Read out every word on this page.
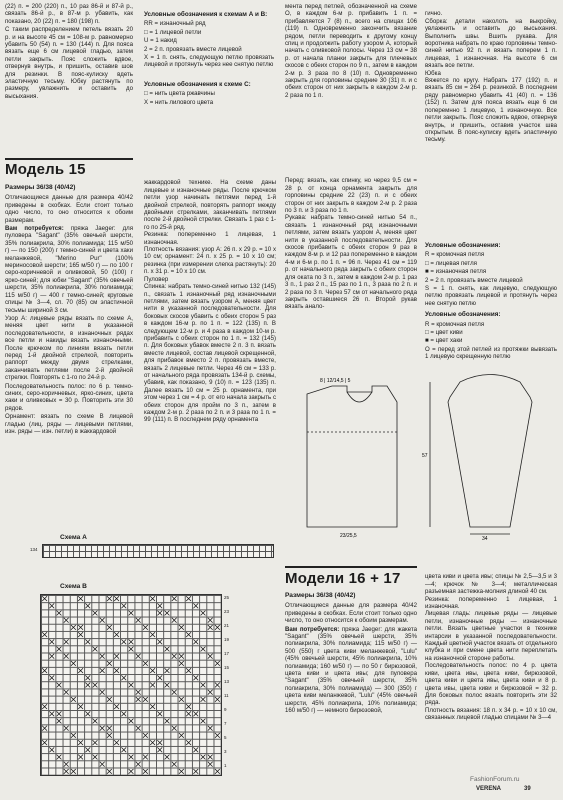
(22) п. = 200 (220) п., 10 раз 86-й и 87-й р., связать 86-й р., в 87-м р. убавить, как показано, 20 (22) п. = 180 (198) п.

С таким распределением петель вязать 20 р. и на высоте 45 см = 108-м р. равномерно убавить 50 (54) п. = 130 (144) п. Для пояса вязать еще 6 см лицевой гладью, затем петли закрыть. Пояс сложить вдвое, отвернув внутрь, и пришить, оставив шов для резинки. В пояс-кулиску вдеть эластичную тесьму. Юбку растянуть по размеру, увлажнить и оставить до высыхания.

Условные обозначения к схемам А и В:

RR = изнаночный ряд

□ = 1 лицевой петли

U = 1 накид

2 = 2 п. провязать вместе лицевой

X = 1 п. снять, следующую петлю провязать лицевой и протянуть через нее снятую петлю

Условные обозначения к схеме С:

□ = нить цвета ржавчины

X = нить лилового цвета

мента перед петлей, обозначенной на схеме О, в каждом 6-м р. прибавить 1 п. = прибавляется 7 (8) п., всего на спицах 106 (119) п. Одновременно закончить вязание рядом, петли переводить к другому концу спиц и продолжить работу узором А, который начать с оливковой полосы. Через 13 см = 38 р. от начала планки закрыть для плечевых скосов с обеих сторон по 9 п., затем в каждом 2-м р. 3 раза по 8 (10) п. Одновременно закрыть для горловины средние 30 (31) п. и с обеих сторон от них закрыть в каждом 2-м р. 2 раза по 1 п.

гично.
Сборка: детали наколоть на выкройку, увлажнить и оставить до высыхания. Выполнить швы. Вшить рукава. Для воротника набрать по краю горловины темно-синей нитью 92 п. и вязать поперем 1 п. лицевая, 1 изнаночная. На высоте 6 см вязать все петли.
Юбка
Вяжется по кругу. Набрать 177 (192) п. и вязать 85 см = 264 р. резинкой. В последнем ряду равномерно убавить 41 (40) п. = 136 (152) п. Затем для пояса вязать еще 6 см поперемнно 1 лицевую, 1 изнаночную. Все петли закрыть. Пояс сложить вдвое, отвернув внутрь, и пришить, оставив участок шва открытым. В пояс-кулиску вдеть эластичную тесьму.

Модель 15
Размеры 36/38 (40/42)

Отличающиеся данные для размера 40/42 приведены в скобках. Если стоит только одно число, то оно относится к обоим размерам.

Вам потребуется: пряжа Jaeger: для пуловера "Sagant" (35% овечьей шерсти, 35% полиакрила, 30% полиамида; 115 м/50 г) — по 150 (200) г темно-синей и цвета хаки меланжевой, "Merino Pur" (100% мериносовой шерсти; 165 м/50 г) — по 100 г серо-коричневой и оливковой, 50 (100) г ярко-синей; для юбки "Sagant" (35% овечьей шерсти, 35% полиакрила, 30% полиамида; 115 м/50 г) — 400 г темно-синей; круговые спицы № 3—4, сл. 70 (85) см эластичной тесьмы шириной 3 см.

Узор А: лицевые ряды вязать по схеме А, меняя цвет нити в указанной последовательности, в изнаночных рядах все петли и накиды вязать изнаночными. После крючком по линиям вязать петли перед 1-й двойной стрелкой, повторить раппорт между двумя стрелками, заканчивать петлями после 2-й двойной стрелки. Повторять с 1-го по 24-й р.

Последовательность полос: по 6 р. темно-синих, серо-коричневых, ярко-синих, цвета хаки и оливковых = 30 р. Повторить эти 30 рядов.

Орнамент: вязать по схеме В лицевой гладью (лиц. ряды — лицевыми петлями, изн. ряды — изн. петли) в жаккардовой

жаккардовой технике. На схеме даны лицевые и изнаночные ряды. После крючком петли узор начинать петлями перед 1-й двойной стрелкой, повторять раппорт между двойными стрелками, заканчивать петлями после 2-й двойной стрелки. Связать 1 раз с 1-го по 25-й ряд.
Резинка: попеременно 1 лицевая, 1 изнаночная.
Плотность вязания: узор А: 26 п. х 29 р. = 10 х 10 см; орнамент: 24 п. х 25 р. = 10 х 10 см; резинка (при измерении слегка растянуть): 20 п. х 31 р. = 10 х 10 см.
Пуловер
Спинка: набрать темно-синей нитью 132 (145) п., связать 1 изнаночный ряд изнаночными петлями, затем вязать узором А, меняя цвет нити в указанной последовательности. Для боковых скосов убавить с обеих сторон 5 раз в каждом 16-м р. по 1 п. = 122 (135) п. В следующем 12-м р. и 4 раза в каждом 10-м р. прибавить с обеих сторон по 1 п. = 132 (145) п. Для боковых убавок вместе 2 п. 3 п. вязать вместе лицевой, состав лицевой скрещенной, для прибавок вместо 2 п. провязать вместе, вязать 2 лицевые петли. Через 46 см = 133 р. от начального ряда провязать 134-й р. схемы, убавив, как показано, 9 (10) п. = 123 (135) п. Далее вязать 10 см = 25 р. орнамента, при этом через 1 см = 4 р. от его начала закрыть с обеих сторон для пройм по 3 п., затем в каждом 2-м р. 2 раза по 2 п. и 3 раза по 1 п. = 99 (111) п. В последнем ряду орнамента

Перед: вязать, как спинку, но через 9,5 см = 28 р. от конца орнамента закрыть для горловины средние 22 (23) п. и с обеих сторон от них закрыть в каждом 2-м р. 2 раза по 3 п. и 3 раза по 1 п.
Рукава: набрать темно-синей нитью 54 п., связать 1 изнаночный ряд изнаночными петлями, затем вязать узором А, меняя цвет нити в указанной последовательности. Для скосов прибавить с обеих сторон 9 раз в каждом 8-м р. и 12 раз попеременно в каждом 4-м и 6-м р. по 1 п. = 96 п. Через 41 см = 119 р. от начального ряда закрыть с обеих сторон для оката по 3 п., затем в каждом 2-м р. 1 раз 3 п., 1 раз 2 п., 15 раз по 1 п., 3 раза по 2 п. и 2 раза по 3 п. Через 57 см от начального ряда закрыть оставшиеся 26 п. Второй рукав вязать анало-

Условные обозначения:

R = кромочная петля

□ = лицевая петля

■ = изнаночная петля

2 = 2 п. провязать вместе лицевой

S = 1 п. снять, как лицевую, следующую петлю провязать лицевой и протянуть через нее снятую петлю

Условные обозначения:

R = кромочная петля

□ = цвет киви

■ = цвет хаки

O = перед этой петлей из протяжки вывязать 1 лицевую скрещенную петлю

8 | 12/14,5 | 5
23/25,5	34
57
Схема А
134
Схема В
25
23
21
19
17
15
13
11
9
7
5
3
1
Модели 16 + 17
Размеры 36/38 (40/42)

Отличающиеся данные для размера 40/42 приведены в скобках. Если стоит только одно число, то оно относится к обоим размерам.

Вам потребуется: пряжа Jaeger: для жакета "Sagant" (35% овечьей шерсти, 35% полиакрила, 30% полиамида; 115 м/50 г) — 500 (550) г цвета киви меланжевой, "Lulu" (45% овечьей шерсти, 45% полиакрила, 10% полиамида; 160 м/50 г) — по 50 г бирюзовой, цвета киви и цвета ивы; для пуловера "Sagant" (35% овечьей шерсти, 35% полиакрила, 30% полиамида) — 300 (350) г цвета киви меланжевой, "Lulu" (45% овечьей шерсти, 45% полиакрила, 10% полиамида; 160 м/50 г) — немного бирюзовой,

цвета киви и цвета ивы; спицы № 2,5—3,5 и 3—4; крючок № 3—4; металлическая разъемная застежка-молния длиной 40 см.
Резинка: попеременно 1 лицевая, 1 изнаночная.
Лицевая гладь: лицевые ряды — лицевые петли, изнаночные ряды — изнаночные петли. Вязать цветные участки в технике интарсии в указанной последовательности. Каждый цветной участок вязать от отдельного клубка и при смене цвета нити переплетать на изнаночной стороне работы.
Последовательность полос: по 4 р. цвета киви, цвета ивы, цвета киви, бирюзовой, цвета киви и цвета ивы, цвета киви и 8 р. цвета ивы, цвета киви и бирюзовой = 32 р. Для боковых полос вязать повторить эти 32 ряда.
Плотность вязания: 18 п. х 34 р. = 10 х 10 см, связанных лицевой гладью спицами № 3—4

VERENA	39
FashionForum.ru
